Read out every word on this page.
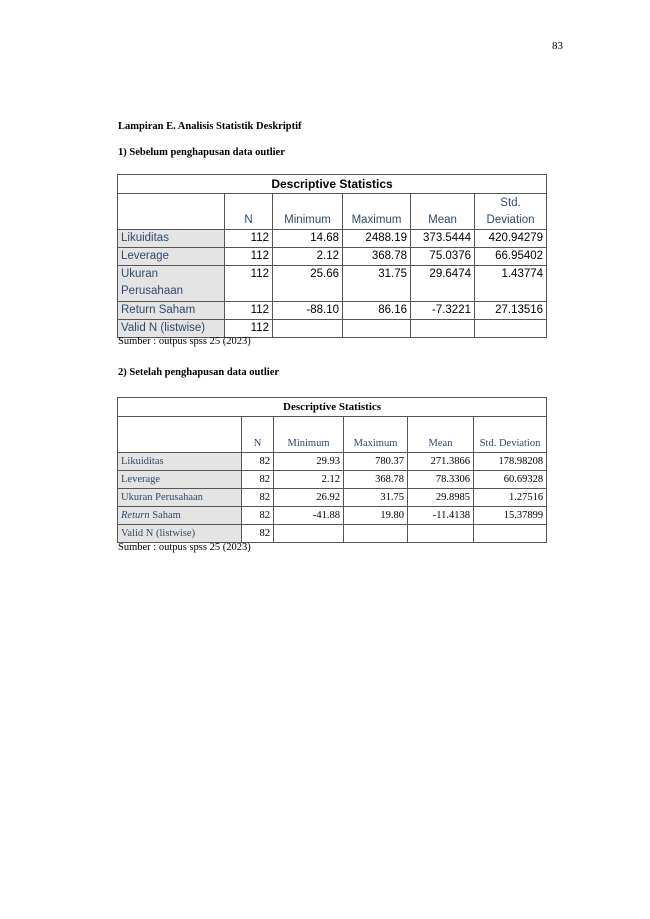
83
Lampiran E. Analisis Statistik Deskriptif
1) Sebelum penghapusan data outlier
Descriptive Statistics					
	N	Minimum	Maximum	Mean	Std. Deviation
Likuiditas	112	14.68	2488.19	373.5444	420.94279
Leverage	112	2.12	368.78	75.0376	66.95402
Ukuran Perusahaan	112	25.66	31.75	29.6474	1.43774
Return Saham	112	-88.10	86.16	-7.3221	27.13516
Valid N (listwise)	112				
Sumber : outpus spss 25 (2023)
2) Setelah penghapusan data outlier
Descriptive Statistics					
	N	Minimum	Maximum	Mean	Std. Deviation
Likuiditas	82	29.93	780.37	271.3866	178.98208
Leverage	82	2.12	368.78	78.3306	60.69328
Ukuran Perusahaan	82	26.92	31.75	29.8985	1.27516
Return Saham	82	-41.88	19.80	-11.4138	15.37899
Valid N (listwise)	82				
Sumber : outpus spss 25 (2023)
